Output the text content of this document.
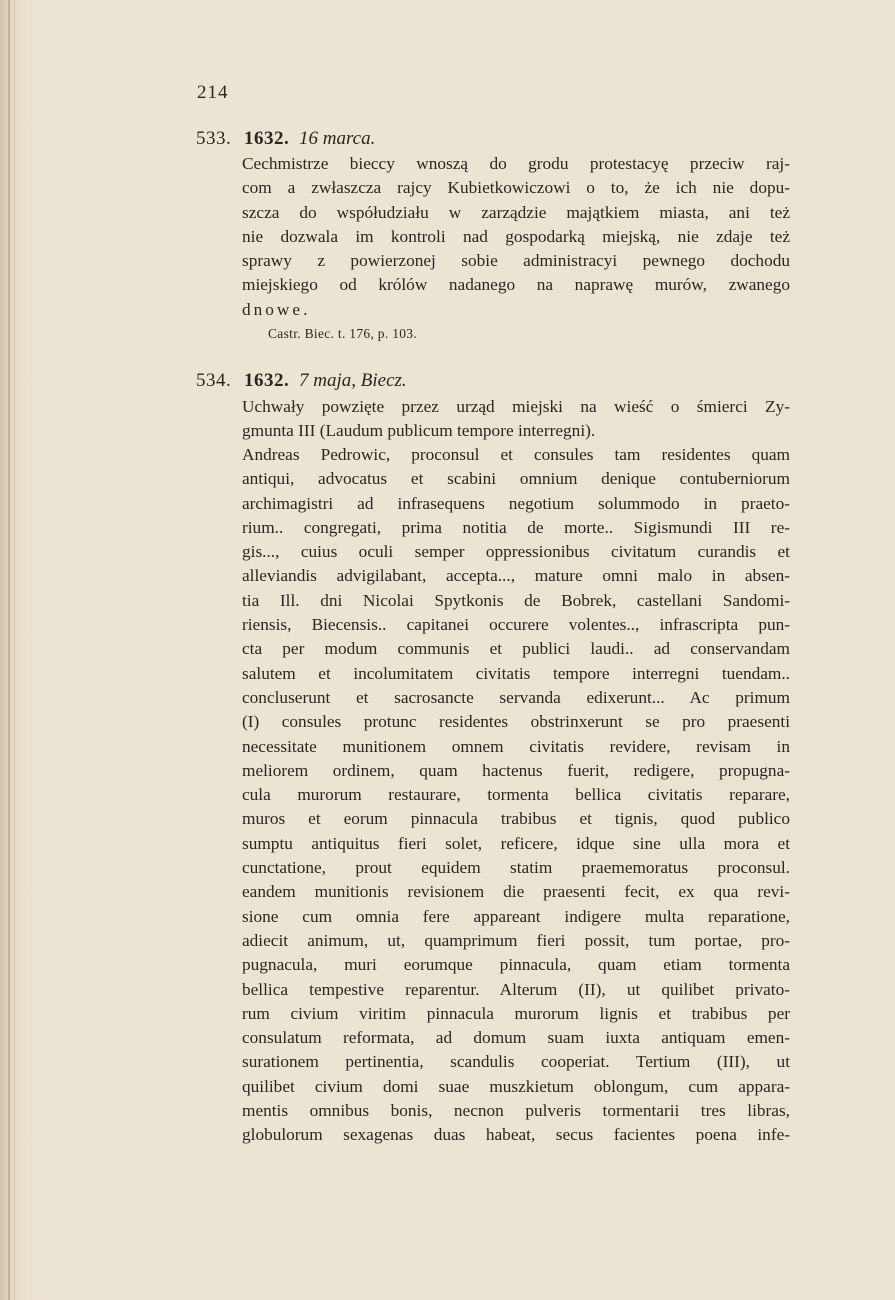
214
533. 1632. 16 marca.
Cechmistrze bieccy wnoszą do grodu protestacyę przeciw raj-
com a zwłaszcza rajcy Kubietkowiczowi o to, że ich nie dopu-
szcza do współudziału w zarządzie majątkiem miasta, ani też
nie dozwala im kontroli nad gospodarką miejską, nie zdaje też
sprawy z powierzonej sobie administracyi pewnego dochodu
miejskiego od królów nadanego na naprawę murów, zwanego
dnowe.
Castr. Biec. t. 176, p. 103.
534. 1632. 7 maja, Biecz.
Uchwały powzięte przez urząd miejski na wieść o śmierci Zy-
gmunta III (Laudum publicum tempore interregni).
Andreas Pedrowic, proconsul et consules tam residentes quam
antiqui, advocatus et scabini omnium denique contuberniorum
archimagistri ad infrasequens negotium solummodo in praeto-
rium.. congregati, prima notitia de morte.. Sigismundi III re-
gis..., cuius oculi semper oppressionibus civitatum curandis et
alleviandis advigilabant, accepta..., mature omni malo in absen-
tia Ill. dni Nicolai Spytkonis de Bobrek, castellani Sandomi-
riensis, Biecensis.. capitanei occurere volentes.., infrascripta pun-
cta per modum communis et publici laudi.. ad conservandam
salutem et incolumitatem civitatis tempore interregni tuendam..
concluserunt et sacrosancte servanda edixerunt... Ac primum
(I) consules protunc residentes obstrinxerunt se pro praesenti
necessitate munitionem omnem civitatis revidere, revisam in
meliorem ordinem, quam hactenus fuerit, redigere, propugna-
cula murorum restaurare, tormenta bellica civitatis reparare,
muros et eorum pinnacula trabibus et tignis, quod publico
sumptu antiquitus fieri solet, reficere, idque sine ulla mora et
cunctatione, prout equidem statim praememoratus proconsul.
eandem munitionis revisionem die praesenti fecit, ex qua revi-
sione cum omnia fere appareant indigere multa reparatione,
adiecit animum, ut, quamprimum fieri possit, tum portae, pro-
pugnacula, muri eorumque pinnacula, quam etiam tormenta
bellica tempestive reparentur. Alterum (II), ut quilibet privato-
rum civium viritim pinnacula murorum lignis et trabibus per
consulatum reformata, ad domum suam iuxta antiquam emen-
surationem pertinentia, scandulis cooperiat. Tertium (III), ut
quilibet civium domi suae muszkietum oblongum, cum appara-
mentis omnibus bonis, necnon pulveris tormentarii tres libras,
globulorum sexagenas duas habeat, secus facientes poena infe-
